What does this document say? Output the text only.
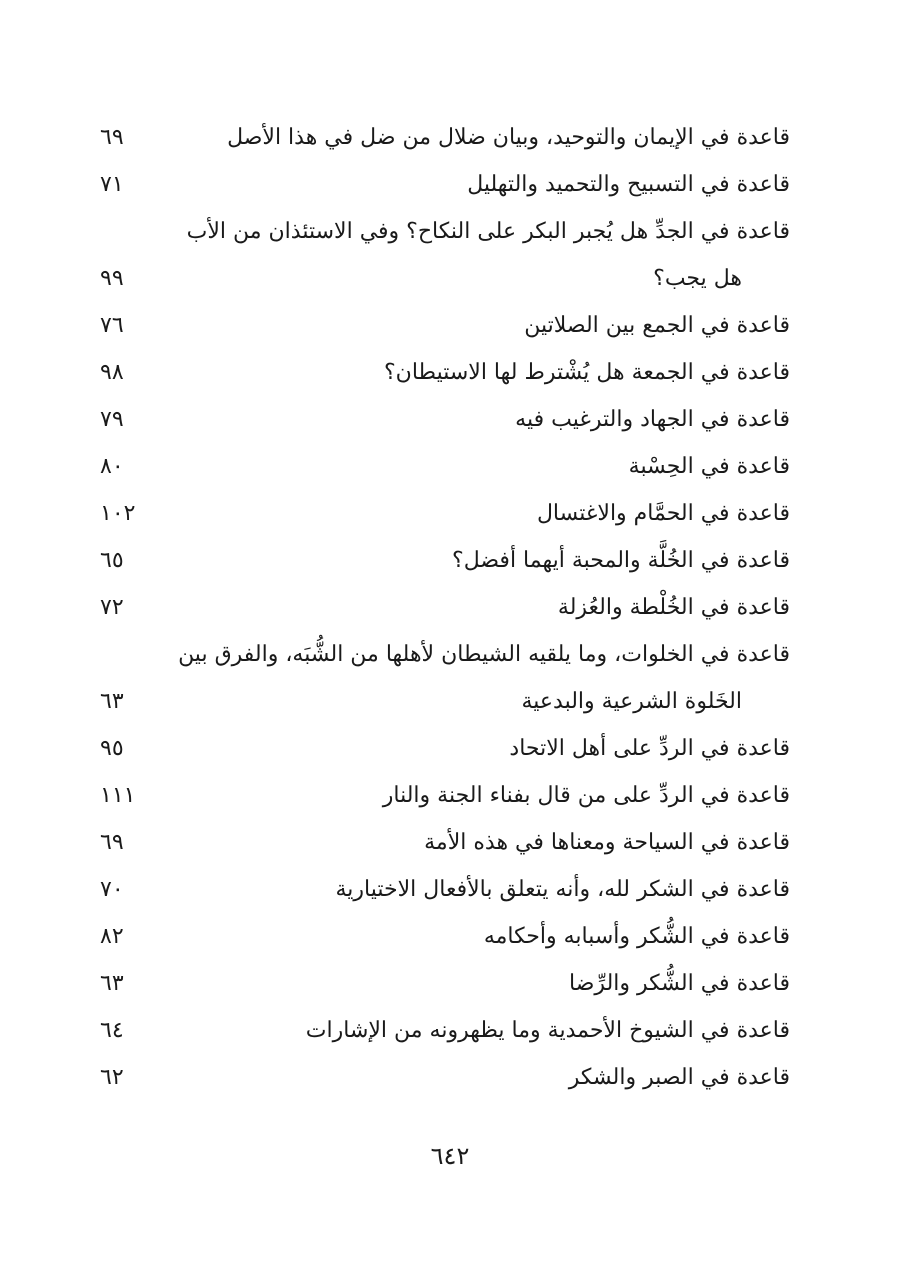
قاعدة في الإيمان والتوحيد، وبيان ضلال من ضل في هذا الأصل
٦٩
قاعدة في التسبيح والتحميد والتهليل
٧١
قاعدة في الجدِّ هل يُجبر البكر على النكاح؟ وفي الاستئذان من الأب
هل يجب؟
٩٩
قاعدة في الجمع بين الصلاتين
٧٦
قاعدة في الجمعة هل يُشْترط لها الاستيطان؟
٩٨
قاعدة في الجهاد والترغيب فيه
٧٩
قاعدة في الحِسْبة
٨٠
قاعدة في الحمَّام والاغتسال
١٠٢
قاعدة في الخُلَّة والمحبة أيهما أفضل؟
٦٥
قاعدة في الخُلْطة والعُزلة
٧٢
قاعدة في الخلوات، وما يلقيه الشيطان لأهلها من الشُّبَه، والفرق بين
الخَلوة الشرعية والبدعية
٦٣
قاعدة في الردِّ على أهل الاتحاد
٩٥
قاعدة في الردِّ على من قال بفناء الجنة والنار
١١١
قاعدة في السياحة ومعناها في هذه الأمة
٦٩
قاعدة في الشكر لله، وأنه يتعلق بالأفعال الاختيارية
٧٠
قاعدة في الشُّكر وأسبابه وأحكامه
٨٢
قاعدة في الشُّكر والرِّضا
٦٣
قاعدة في الشيوخ الأحمدية وما يظهرونه من الإشارات
٦٤
قاعدة في الصبر والشكر
٦٢
٦٤٢
